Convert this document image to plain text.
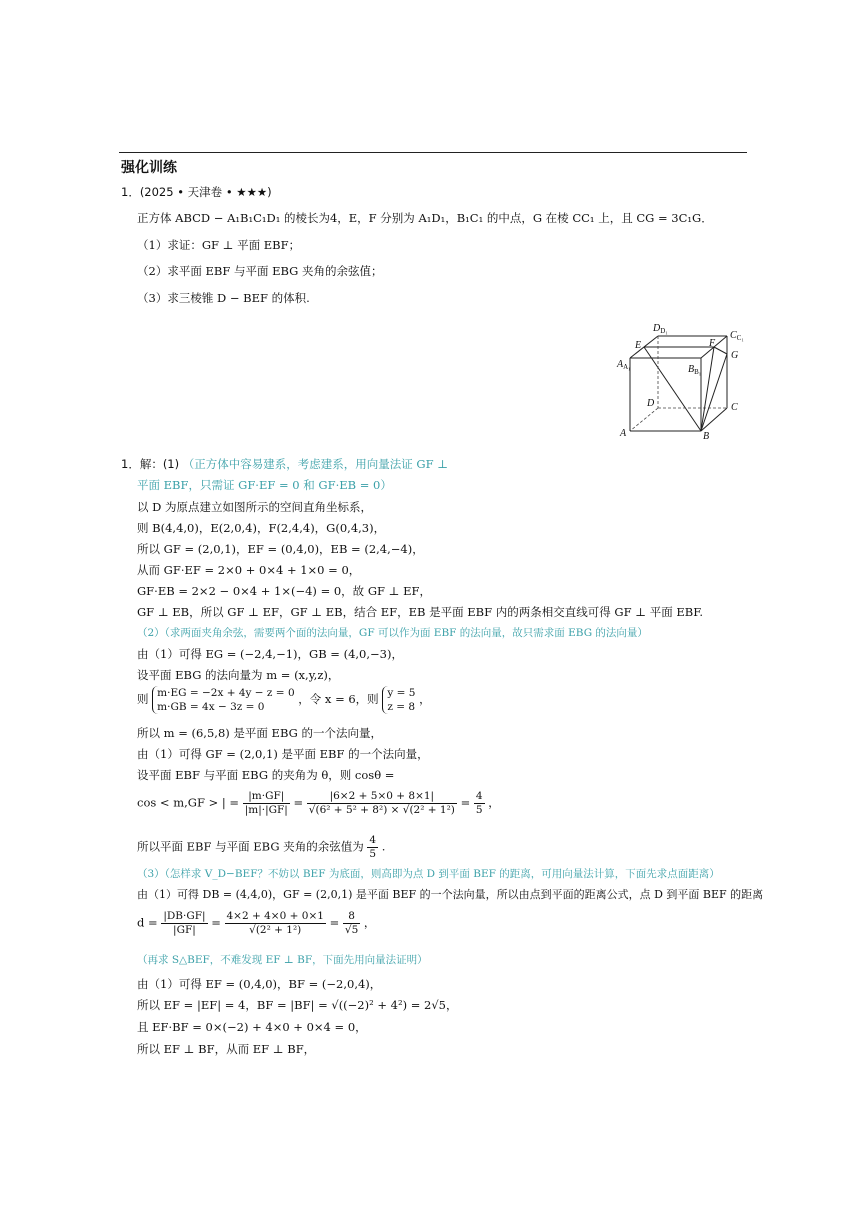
强化训练
1．(2025 • 天津卷 • ★★★)
正方体 ABCD − A₁B₁C₁D₁ 的棱长为4，E，F 分别为 A₁D₁，B₁C₁ 的中点，G 在棱 CC₁ 上，且 CG = 3C₁G．
（1）求证：GF ⊥ 平面 EBF；
（2）求平面 EBF 与平面 EBG 夹角的余弦值；
（3）求三棱锥 D − BEF 的体积.
$D_{D_1}$	$C_{C_1}$
E	F
G
$A_{A_1}$	$B_{B_1}$
D	C
A	B
1．解：(1) （正方体中容易建系，考虑建系，用向量法证 GF ⊥
平面 EBF，只需证 GF·EF = 0 和 GF·EB = 0）
以 D 为原点建立如图所示的空间直角坐标系，
则 B(4,4,0)，E(2,0,4)，F(2,4,4)，G(0,4,3)，
所以 GF = (2,0,1)，EF = (0,4,0)，EB = (2,4,−4)，
从而 GF·EF = 2×0 + 0×4 + 1×0 = 0，
GF·EB = 2×2 − 0×4 + 1×(−4) = 0，故 GF ⊥ EF，
GF ⊥ EB，所以 GF ⊥ EF，GF ⊥ EB，结合 EF，EB 是平面 EBF 内的两条相交直线可得 GF ⊥ 平面 EBF.
（2）（求两面夹角余弦，需要两个面的法向量，GF 可以作为面 EBF 的法向量，故只需求面 EBG 的法向量）
由（1）可得 EG = (−2,4,−1)，GB = (4,0,−3)，
设平面 EBG 的法向量为 m = (x,y,z)，
则 m·EG = −2x + 4y − z = 0
m·GB = 4x − 3z = 0
，令 x = 6，则 y = 5
z = 8
，
所以 m = (6,5,8) 是平面 EBG 的一个法向量，
由（1）可得 GF = (2,0,1) 是平面 EBF 的一个法向量，
设平面 EBF 与平面 EBG 的夹角为 θ，则 cosθ =
cos < m,GF > | = $\frac{|m\cdot GF|}{|m|\cdot|GF|} = \frac{|6\times 2 + 5\times 0 + 8\times 1|}{\text{√(6² + 5² + 8²) × √(2² + 1²)}} = \frac{4}{5}$ ，
所以平面 EBF 与平面 EBG 夹角的余弦值为 $\frac{4}{5}$ .
（3）（怎样求 V_D−BEF？不妨以 BEF 为底面，则高即为点 D 到平面 BEF 的距离，可用向量法计算，下面先求点面距离）
由（1）可得 DB = (4,4,0)，GF = (2,0,1) 是平面 BEF 的一个法向量，所以由点到平面的距离公式，点 D 到平面 BEF 的距离
$d = \frac{|DB\cdot GF|}{|GF|} = \frac{4\times 2 + 4\times 0 + 0\times 1}{\text{√(2² + 1²)}} = \frac{8}{√5}$ ，
（再求 S△BEF，不难发现 EF ⊥ BF，下面先用向量法证明）
由（1）可得 EF = (0,4,0)，BF = (−2,0,4)，
所以 EF = |EF| = 4，BF = |BF| = √((−2)² + 4²) = 2√5，
且 EF·BF = 0×(−2) + 4×0 + 0×4 = 0，
所以 EF ⊥ BF，从而 EF ⊥ BF，
